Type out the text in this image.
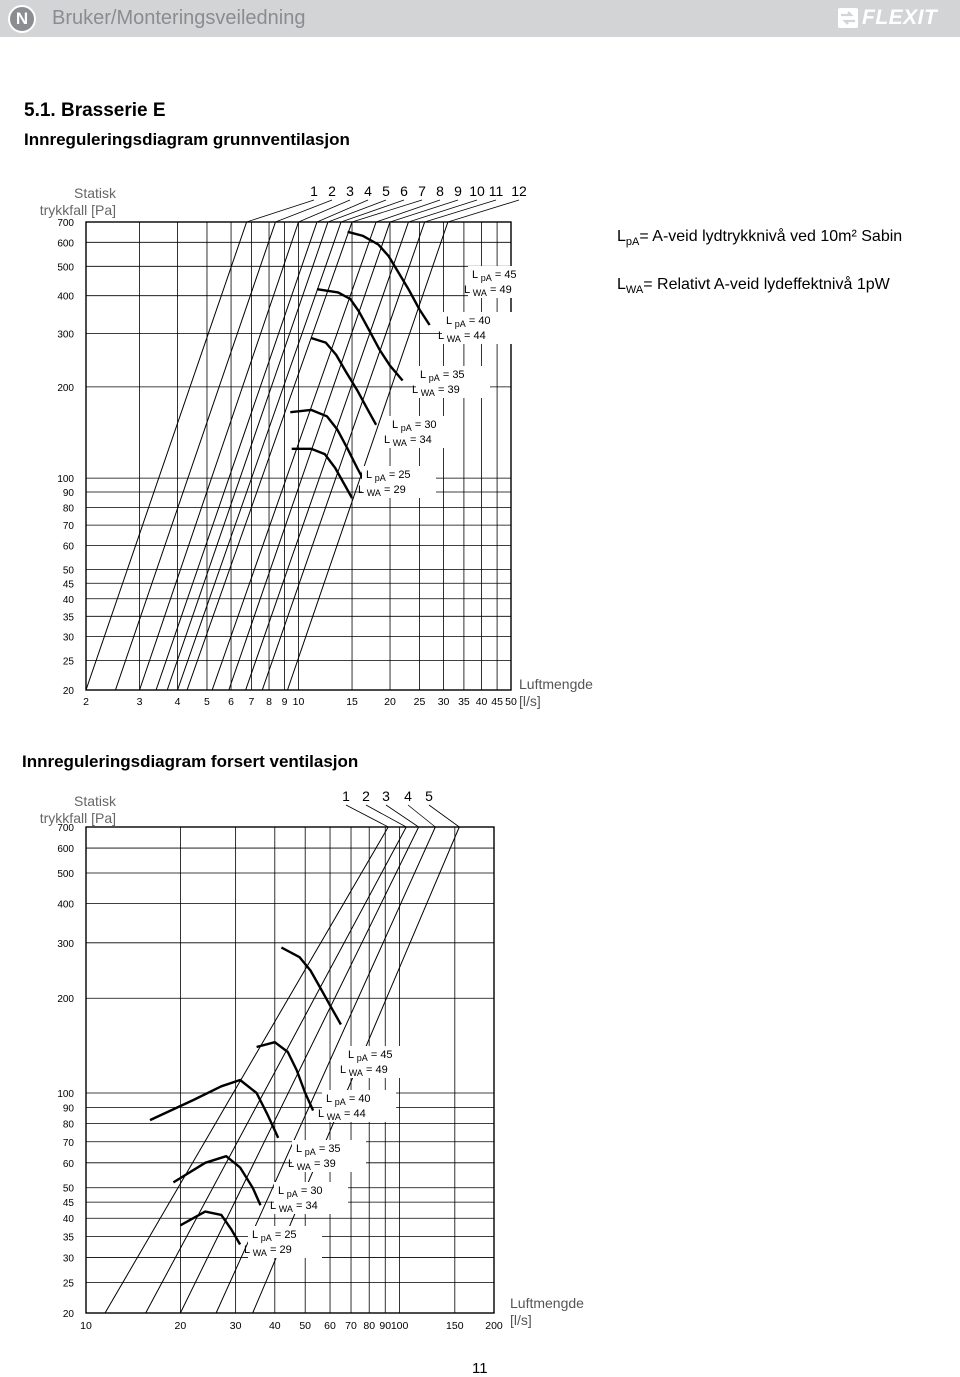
N	Bruker/Monteringsveiledning	FLEXIT
5.1. Brasserie E
Innreguleringsdiagram grunnventilasjon
Innreguleringsdiagram forsert ventilasjon
Statisk trykkfall [Pa]
Statisk trykkfall [Pa]
Luftmengde [l/s]
Luftmengde [l/s]
$L_{pA}=$ A-veid lydtrykknivå ved 10m² Sabin
$L_{WA}=$ Relativt A-veid lydeffektnivå 1pW
11
2	3	4 5 6 7 8 9 10	15	20 25 30 35 40 45 50
20
25
30
35
40
45
50
60
70
80
90
100
200
300
400
500
600
700
1 2 3 4 5 6 7 8 9 10 11 12
L $_{pA}$ = 45
L $_{WA}$ = 49
L $_{pA}$ = 40
L $_{WA}$ = 44
L $_{pA}$ = 35
L $_{WA}$ = 39
L $_{pA}$ = 30
L $_{WA}$ = 34
L $_{pA}$ = 25
L $_{WA}$ = 29
10	20	30	40 50 60 70 80 90 100	150 200
20
25
30
35
40
45
50
60
70
80
90
100
200
300
400
500
600
700
1 2 3 4 5
L $_{pA}$ = 45
L $_{WA}$ = 49
L $_{pA}$ = 40
L $_{WA}$ = 44
L $_{pA}$ = 35
L $_{WA}$ = 39
L $_{pA}$ = 30
L $_{WA}$ = 34
L $_{pA}$ = 25
L $_{WA}$ = 29
